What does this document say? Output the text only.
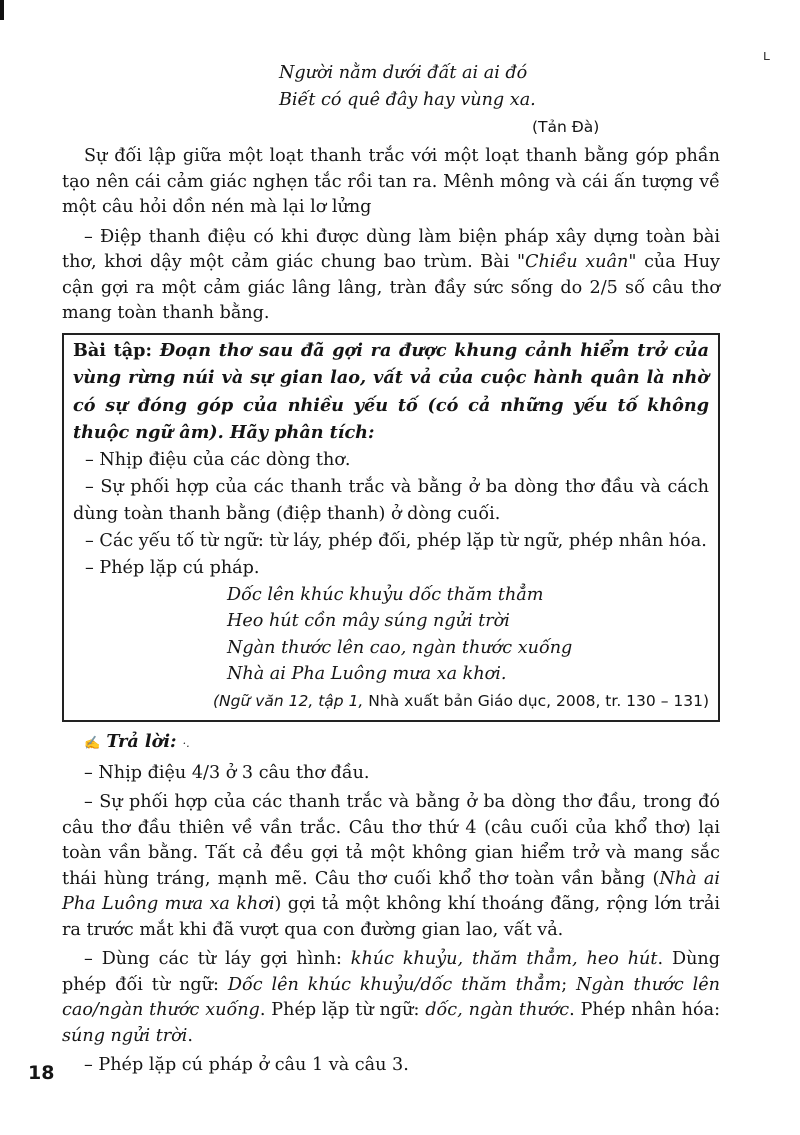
ʟ
Người nằm dưới đất ai ai đó
Biết có quê đây hay vùng xa.
(Tản Đà)

Sự đối lập giữa một loạt thanh trắc với một loạt thanh bằng góp phần tạo nên cái cảm giác nghẹn tắc rồi tan ra. Mênh mông và cái ấn tượng về một câu hỏi dồn nén mà lại lơ lửng

– Điệp thanh điệu có khi được dùng làm biện pháp xây dựng toàn bài thơ, khơi dậy một cảm giác chung bao trùm. Bài "Chiều xuân" của Huy cận gợi ra một cảm giác lâng lâng, tràn đầy sức sống do 2/5 số câu thơ mang toàn thanh bằng.

Bài tập: Đoạn thơ sau đã gợi ra được khung cảnh hiểm trở của vùng rừng núi và sự gian lao, vất vả của cuộc hành quân là nhờ có sự đóng góp của nhiều yếu tố (có cả những yếu tố không thuộc ngữ âm). Hãy phân tích:

– Nhịp điệu của các dòng thơ.

– Sự phối hợp của các thanh trắc và bằng ở ba dòng thơ đầu và cách dùng toàn thanh bằng (điệp thanh) ở dòng cuối.

– Các yếu tố từ ngữ: từ láy, phép đối, phép lặp từ ngữ, phép nhân hóa.

– Phép lặp cú pháp.

Dốc lên khúc khuỷu dốc thăm thẳm
Heo hút cồn mây súng ngửi trời
Ngàn thước lên cao, ngàn thước xuống
Nhà ai Pha Luông mưa xa khơi.
(Ngữ văn 12, tập 1, Nhà xuất bản Giáo dục, 2008, tr. 130 – 131)
✍ Trả lời: ·.

– Nhịp điệu 4/3 ở 3 câu thơ đầu.

– Sự phối hợp của các thanh trắc và bằng ở ba dòng thơ đầu, trong đó câu thơ đầu thiên về vần trắc. Câu thơ thứ 4 (câu cuối của khổ thơ) lại toàn vần bằng. Tất cả đều gợi tả một không gian hiểm trở và mang sắc thái hùng tráng, mạnh mẽ. Câu thơ cuối khổ thơ toàn vần bằng (Nhà ai Pha Luông mưa xa khơi) gợi tả một không khí thoáng đãng, rộng lớn trải ra trước mắt khi đã vượt qua con đường gian lao, vất vả.

– Dùng các từ láy gợi hình: khúc khuỷu, thăm thẳm, heo hút. Dùng phép đối từ ngữ: Dốc lên khúc khuỷu/dốc thăm thẳm; Ngàn thước lên cao/ngàn thước xuống. Phép lặp từ ngữ: dốc, ngàn thước. Phép nhân hóa: súng ngửi trời.

– Phép lặp cú pháp ở câu 1 và câu 3.

18
